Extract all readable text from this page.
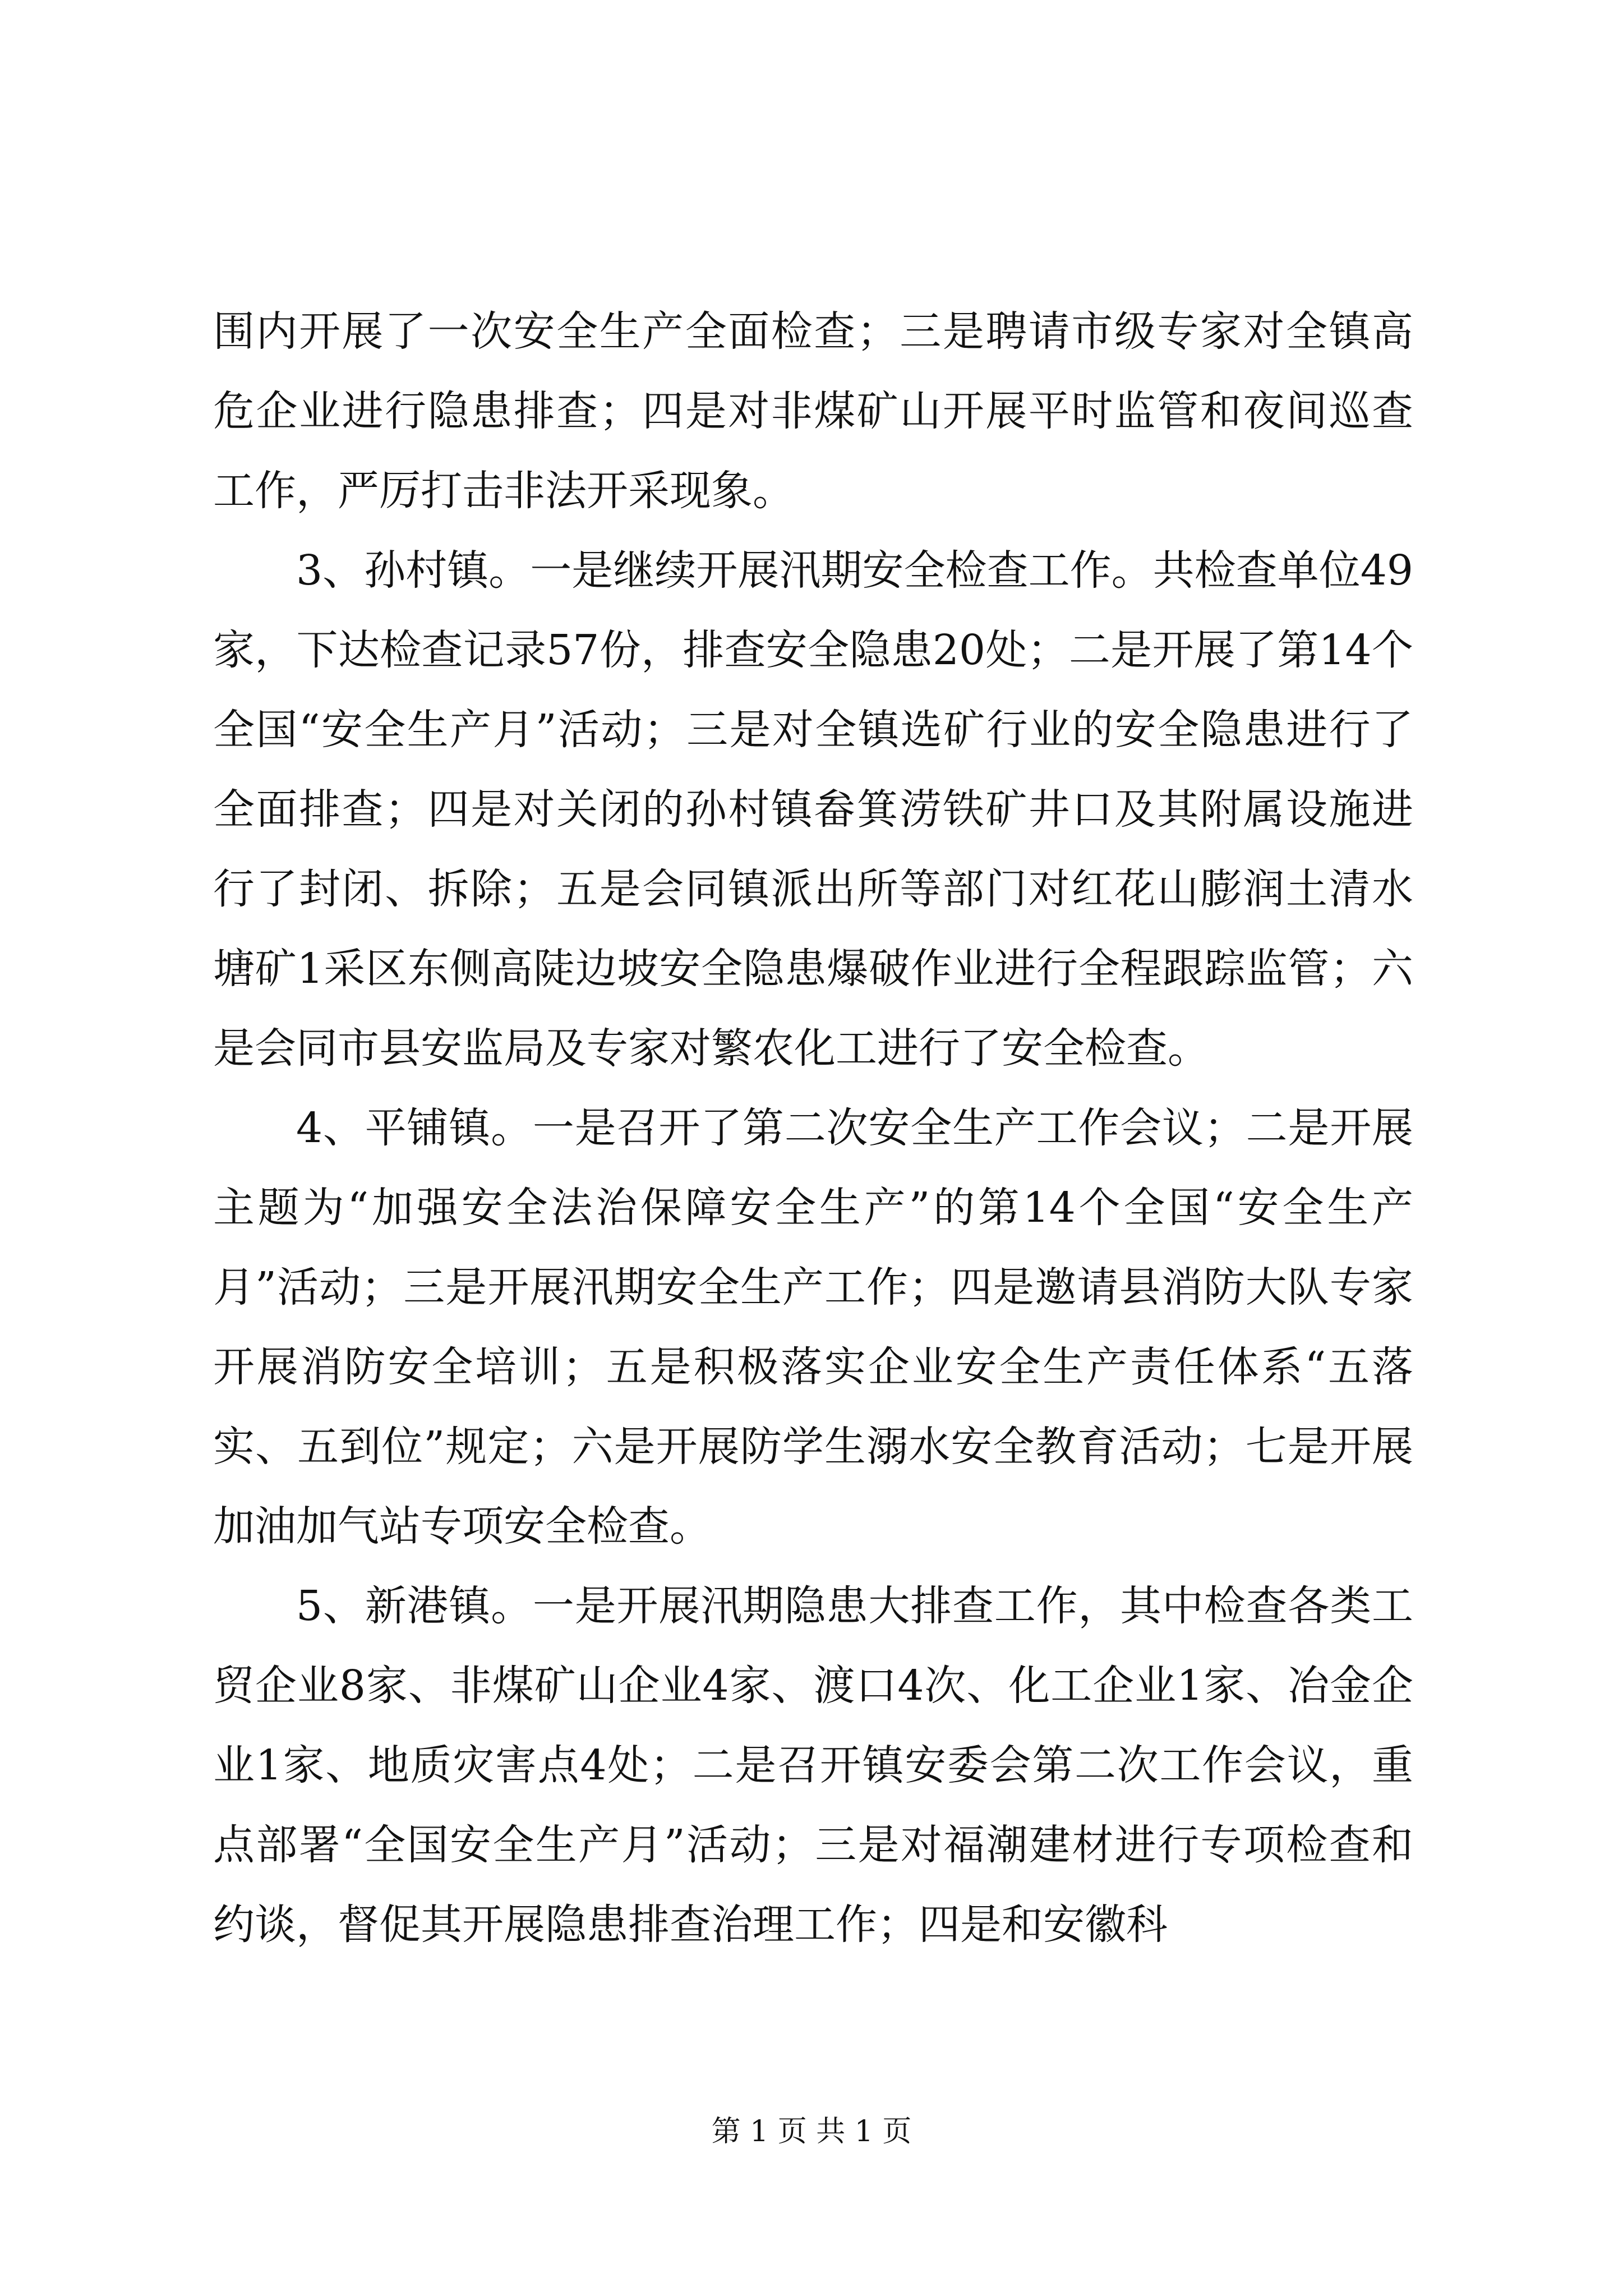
围内开展了一次安全生产全面检查；三是聘请市级专家对全镇高危企业进行隐患排查；四是对非煤矿山开展平时监管和夜间巡查工作，严厉打击非法开采现象。

3、孙村镇。一是继续开展汛期安全检查工作。共检查单位49家，下达检查记录57份，排查安全隐患20处；二是开展了第14个全国“安全生产月”活动；三是对全镇选矿行业的安全隐患进行了全面排查；四是对关闭的孙村镇畚箕涝铁矿井口及其附属设施进行了封闭、拆除；五是会同镇派出所等部门对红花山膨润土清水塘矿1采区东侧高陡边坡安全隐患爆破作业进行全程跟踪监管；六是会同市县安监局及专家对繁农化工进行了安全检查。

4、平铺镇。一是召开了第二次安全生产工作会议；二是开展主题为“加强安全法治保障安全生产”的第14个全国“安全生产月”活动；三是开展汛期安全生产工作；四是邀请县消防大队专家开展消防安全培训；五是积极落实企业安全生产责任体系“五落实、五到位”规定；六是开展防学生溺水安全教育活动；七是开展加油加气站专项安全检查。

5、新港镇。一是开展汛期隐患大排查工作，其中检查各类工贸企业8家、非煤矿山企业4家、渡口4次、化工企业1家、冶金企业1家、地质灾害点4处；二是召开镇安委会第二次工作会议，重点部署“全国安全生产月”活动；三是对福潮建材进行专项检查和约谈，督促其开展隐患排查治理工作；四是和安徽科

第 1 页 共 1 页
